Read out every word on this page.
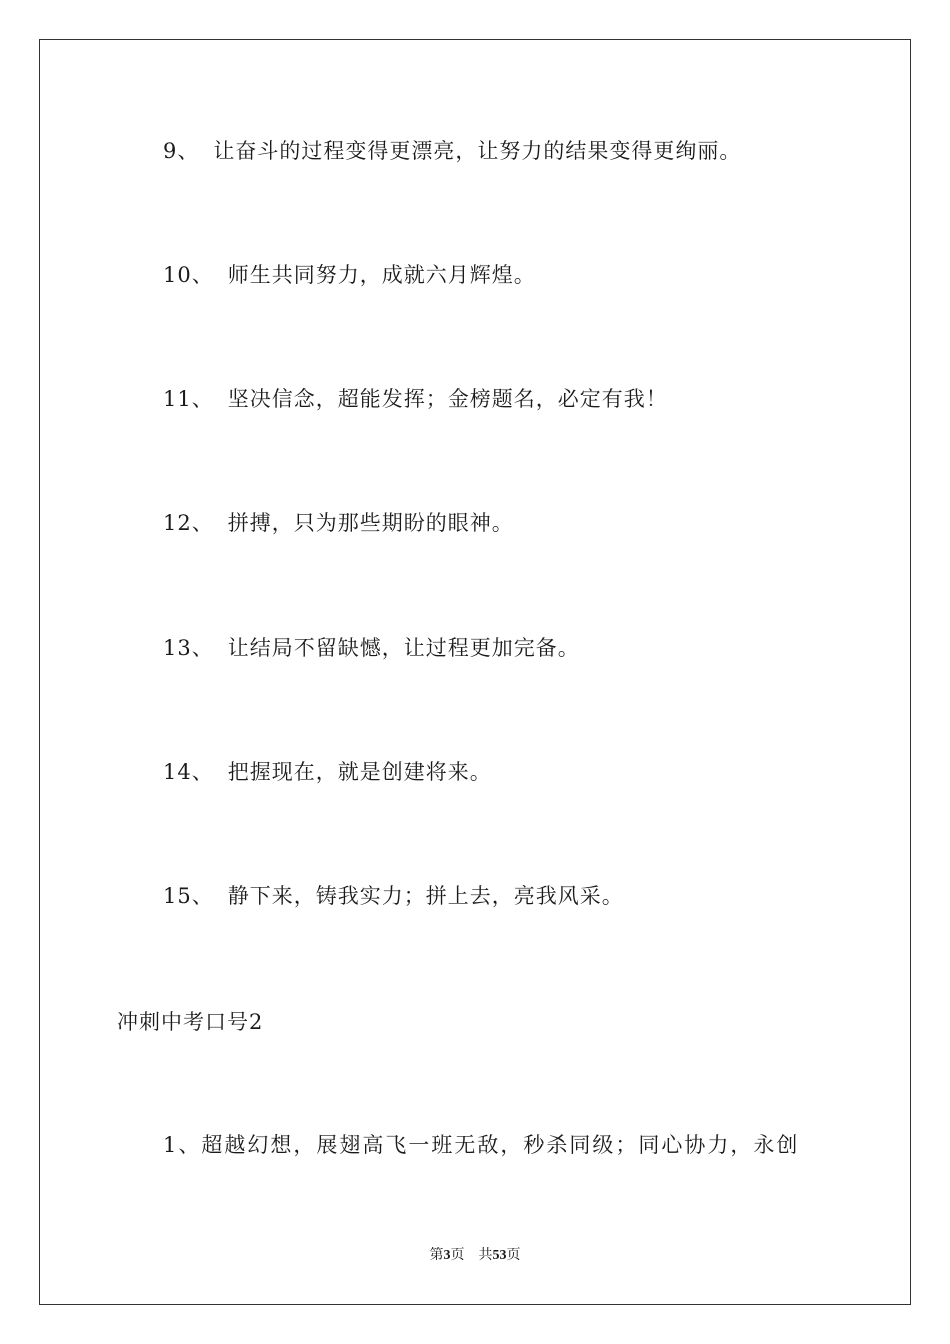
9、 让奋斗的过程变得更漂亮，让努力的结果变得更绚丽。
10、 师生共同努力，成就六月辉煌。
11、 坚决信念，超能发挥；金榜题名，必定有我！
12、 拼搏，只为那些期盼的眼神。
13、 让结局不留缺憾，让过程更加完备。
14、 把握现在，就是创建将来。
15、 静下来，铸我实力；拼上去，亮我风采。
冲刺中考口号2
1、超越幻想，展翅高飞一班无敌，秒杀同级；同心协力，永创
第3页 共53页
